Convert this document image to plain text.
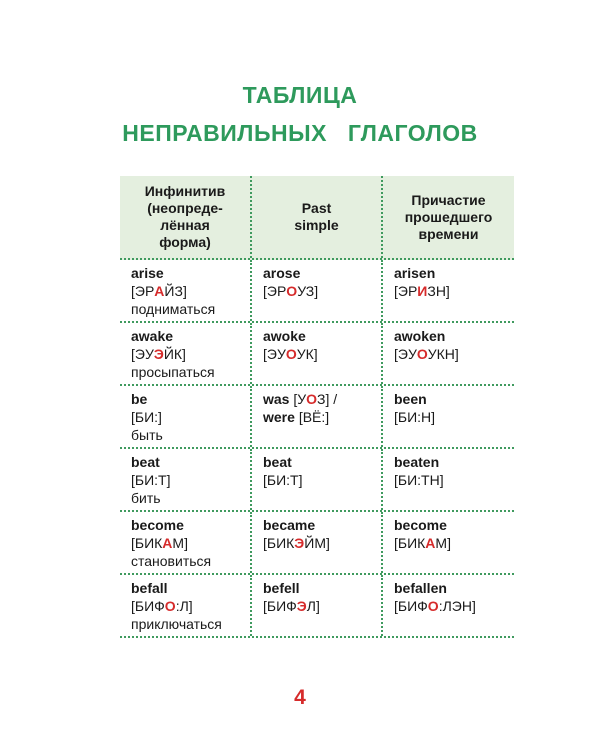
ТАБЛИЦА
НЕПРАВИЛЬНЫХ ГЛАГОЛОВ
Инфинитив
(неопреде-
лённая
форма)
Past
simple
Причастие
прошедшего
времени
arise
[ЭРАЙЗ]
подниматься
arose
[ЭРОУЗ]
arisen
[ЭРИЗН]
awake
[ЭУЭЙК]
просыпаться
awoke
[ЭУОУК]
awoken
[ЭУОУКН]
be
[БИ:]
быть
was [УОЗ] /
were [ВЁ:]
been
[БИ:Н]
beat
[БИ:Т]
бить
beat
[БИ:Т]
beaten
[БИ:ТН]
become
[БИКАМ]
становиться
became
[БИКЭЙМ]
become
[БИКАМ]
befall
[БИФО:Л]
приключаться
befell
[БИФЭЛ]
befallen
[БИФО:ЛЭН]
4
